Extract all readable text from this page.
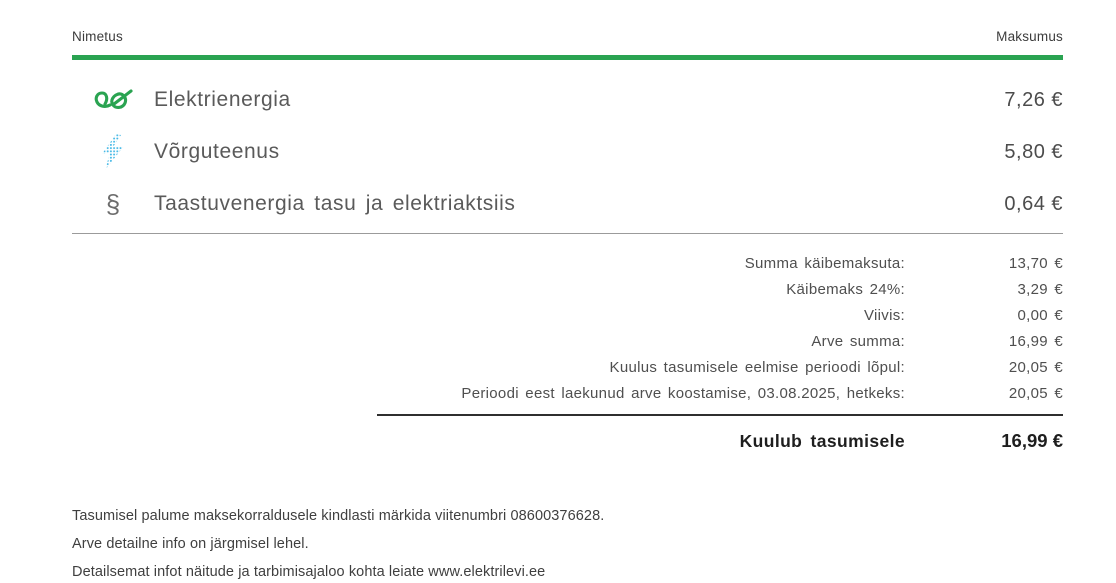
Nimetus	Maksumus
Elektrienergia	7,26 €
Võrguteenus	5,80 €
§	Taastuvenergia tasu ja elektriaktsiis	0,64 €
Summa käibemaksuta:	13,70 €
Käibemaks 24%:	3,29 €
Viivis:	0,00 €
Arve summa:	16,99 €
Kuulus tasumisele eelmise perioodi lõpul:	20,05 €
Perioodi eest laekunud arve koostamise, 03.08.2025, hetkeks:	20,05 €
Kuulub tasumisele	16,99 €
Tasumisel palume maksekorraldusele kindlasti märkida viitenumbri 08600376628.
Arve detailne info on järgmisel lehel.
Detailsemat infot näitude ja tarbimisajaloo kohta leiate www.elektrilevi.ee
